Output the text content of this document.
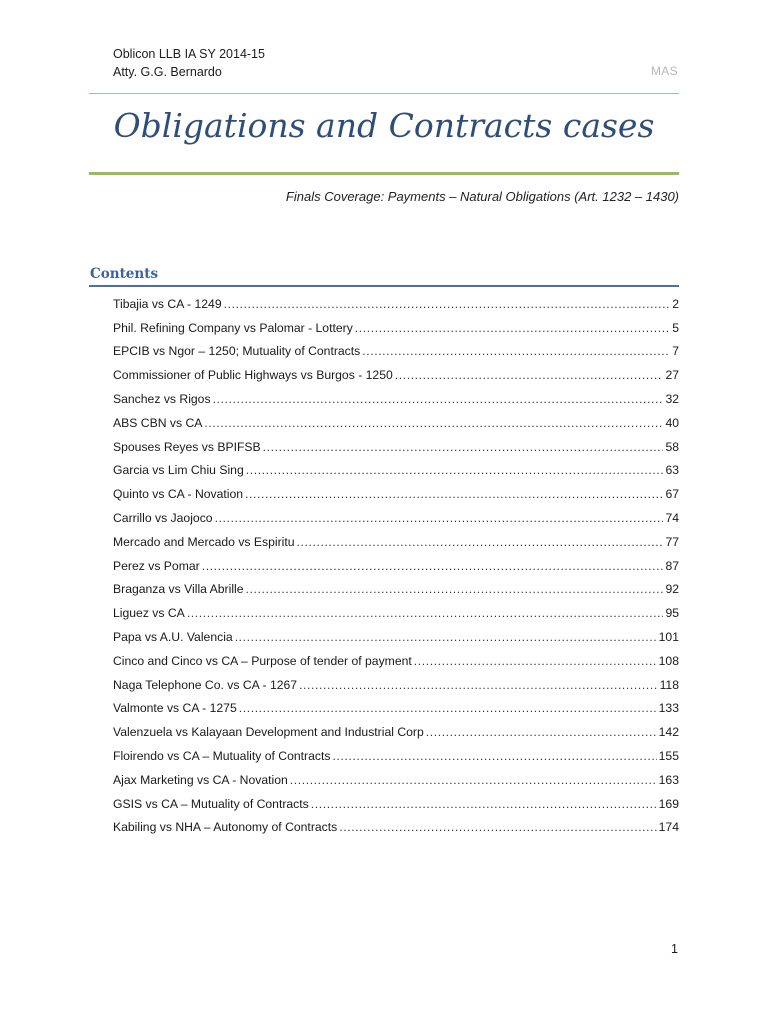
Oblicon LLB IA SY 2014-15
Atty. G.G. Bernardo	MAS
Obligations and Contracts cases
Finals Coverage: Payments – Natural Obligations (Art. 1232 – 1430)
Contents
Tibajia vs CA - 1249 .....	2
Phil. Refining Company vs Palomar - Lottery .....	5
EPCIB vs Ngor – 1250; Mutuality of Contracts .....	7
Commissioner of Public Highways vs Burgos - 1250 .....	27
Sanchez vs Rigos .....	32
ABS CBN vs CA .....	40
Spouses Reyes vs BPIFSB .....	58
Garcia vs Lim Chiu Sing .....	63
Quinto vs CA - Novation .....	67
Carrillo vs Jaojoco .....	74
Mercado and Mercado vs Espiritu .....	77
Perez vs Pomar .....	87
Braganza vs Villa Abrille .....	92
Liguez vs CA .....	95
Papa vs A.U. Valencia .....	101
Cinco and Cinco vs CA – Purpose of tender of payment .....	108
Naga Telephone Co. vs CA - 1267 .....	118
Valmonte vs CA - 1275 .....	133
Valenzuela vs Kalayaan Development and Industrial Corp .....	142
Floirendo vs CA – Mutuality of Contracts .....	155
Ajax Marketing vs CA - Novation .....	163
GSIS vs CA – Mutuality of Contracts .....	169
Kabiling vs NHA – Autonomy of Contracts .....	174
1
